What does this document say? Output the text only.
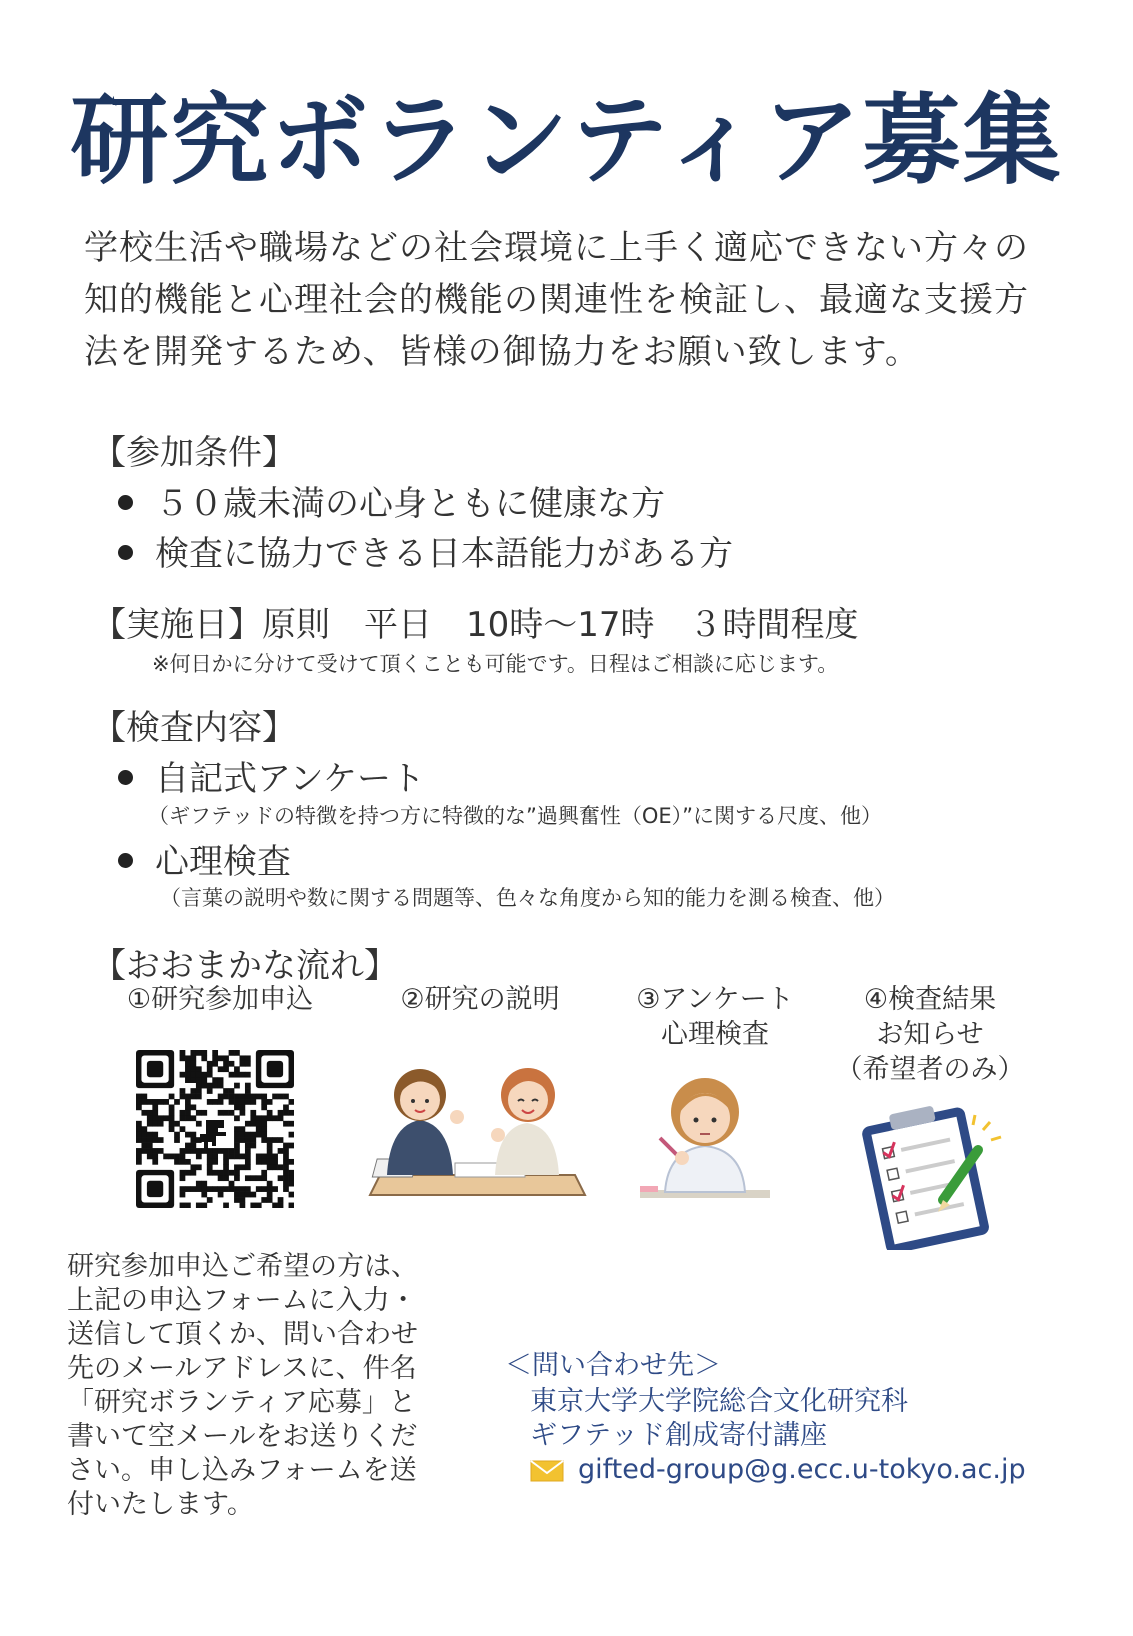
研究ボランティア募集
学校生活や職場などの社会環境に上手く適応できない方々の
知的機能と心理社会的機能の関連性を検証し、最適な支援方
法を開発するため、皆様の御協力をお願い致します。
【参加条件】
５０歳未満の心身ともに健康な方
検査に協力できる日本語能力がある方
【実施日】原則　平日　10時～17時　３時間程度
※何日かに分けて受けて頂くことも可能です。日程はご相談に応じます。
【検査内容】
自記式アンケート
（ギフテッドの特徴を持つ方に特徴的な”過興奮性（OE）”に関する尺度、他）
心理検査
（言葉の説明や数に関する問題等、色々な角度から知的能力を測る検査、他）
【おおまかな流れ】
①研究参加申込	②研究の説明	③アンケート
心理検査
④検査結果
お知らせ
（希望者のみ）
研究参加申込ご希望の方は、
上記の申込フォームに入力・
送信して頂くか、問い合わせ
先のメールアドレスに、件名
「研究ボランティア応募」と
書いて空メールをお送りくだ
さい。申し込みフォームを送
付いたします。
＜問い合わせ先＞
東京大学大学院総合文化研究科
ギフテッド創成寄付講座
gifted-group@g.ecc.u-tokyo.ac.jp
